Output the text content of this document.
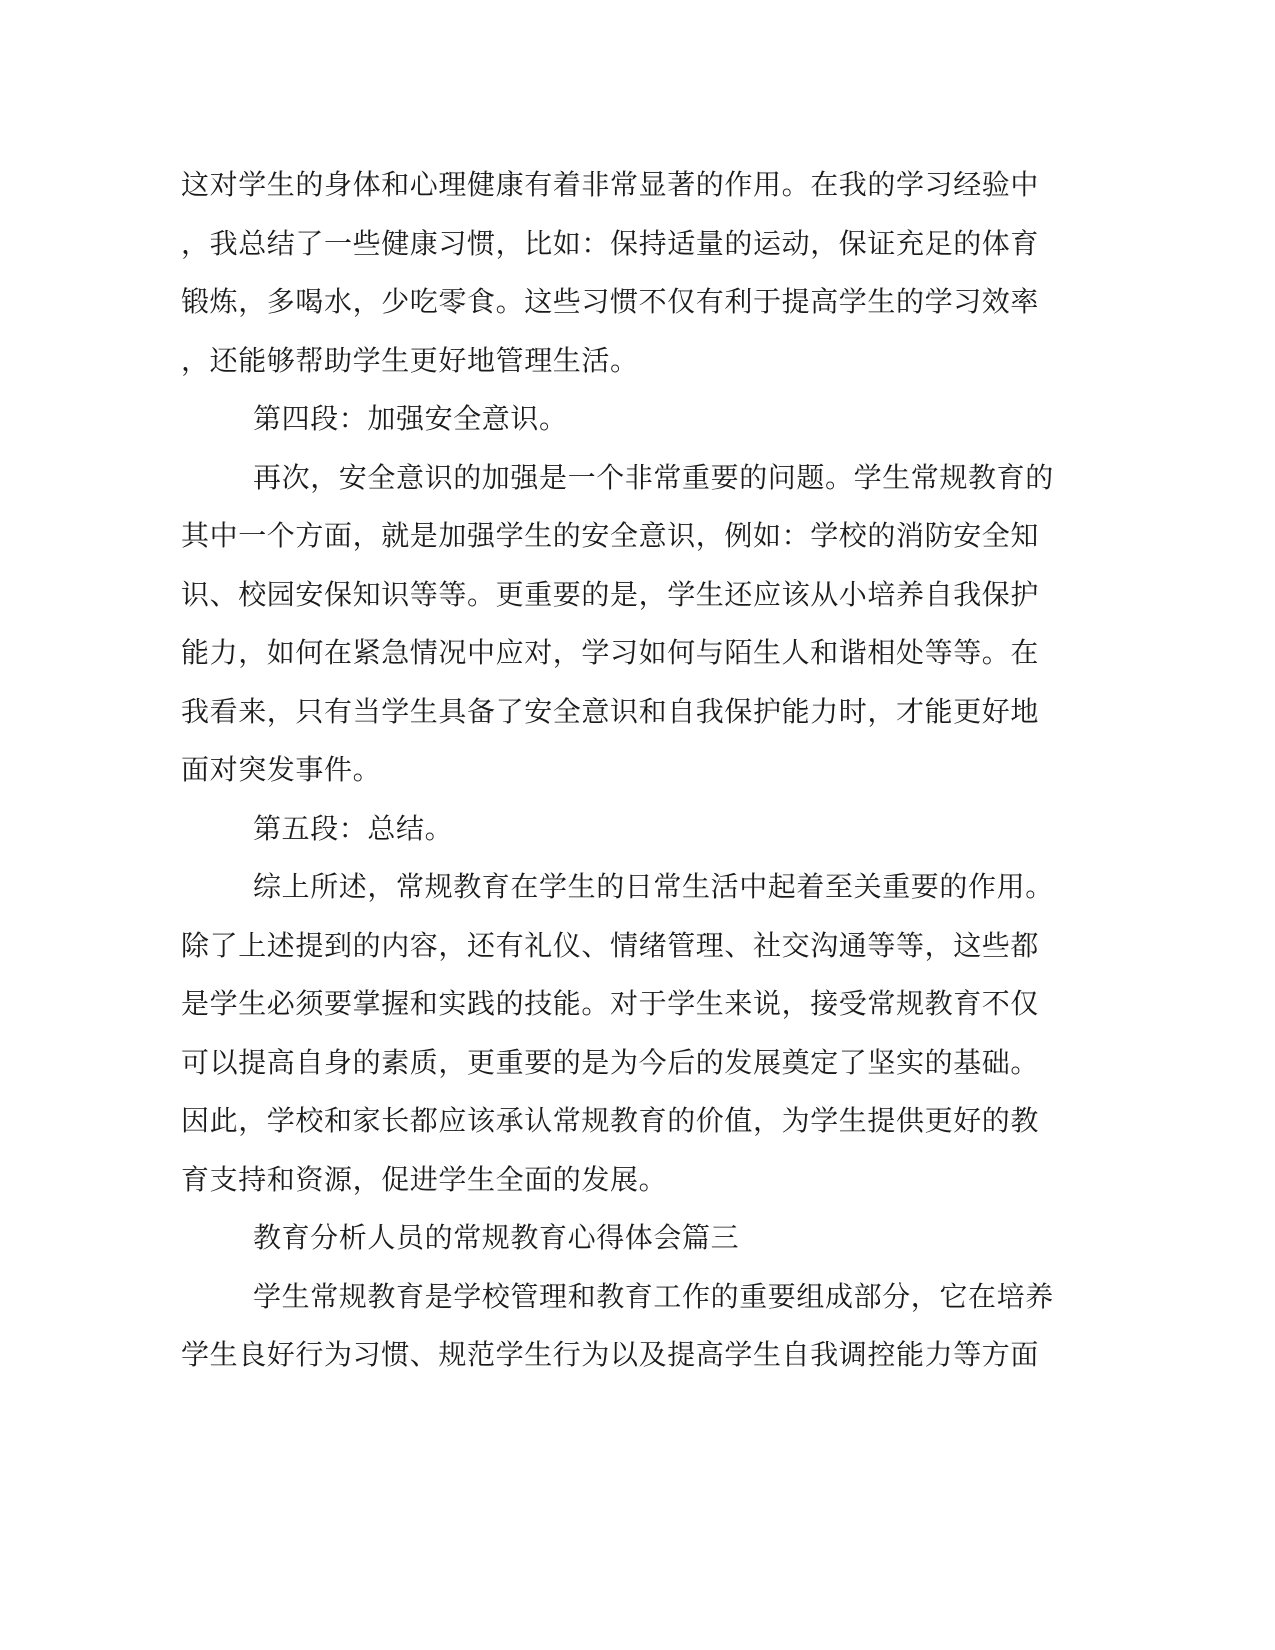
这对学生的身体和心理健康有着非常显著的作用。在我的学习经验中
，我总结了一些健康习惯，比如：保持适量的运动，保证充足的体育
锻炼，多喝水，少吃零食。这些习惯不仅有利于提高学生的学习效率
，还能够帮助学生更好地管理生活。
第四段：加强安全意识。
再次，安全意识的加强是一个非常重要的问题。学生常规教育的
其中一个方面，就是加强学生的安全意识，例如：学校的消防安全知
识、校园安保知识等等。更重要的是，学生还应该从小培养自我保护
能力，如何在紧急情况中应对，学习如何与陌生人和谐相处等等。在
我看来，只有当学生具备了安全意识和自我保护能力时，才能更好地
面对突发事件。
第五段：总结。
综上所述，常规教育在学生的日常生活中起着至关重要的作用。
除了上述提到的内容，还有礼仪、情绪管理、社交沟通等等，这些都
是学生必须要掌握和实践的技能。对于学生来说，接受常规教育不仅
可以提高自身的素质，更重要的是为今后的发展奠定了坚实的基础。
因此，学校和家长都应该承认常规教育的价值，为学生提供更好的教
育支持和资源，促进学生全面的发展。
教育分析人员的常规教育心得体会篇三
学生常规教育是学校管理和教育工作的重要组成部分，它在培养
学生良好行为习惯、规范学生行为以及提高学生自我调控能力等方面
